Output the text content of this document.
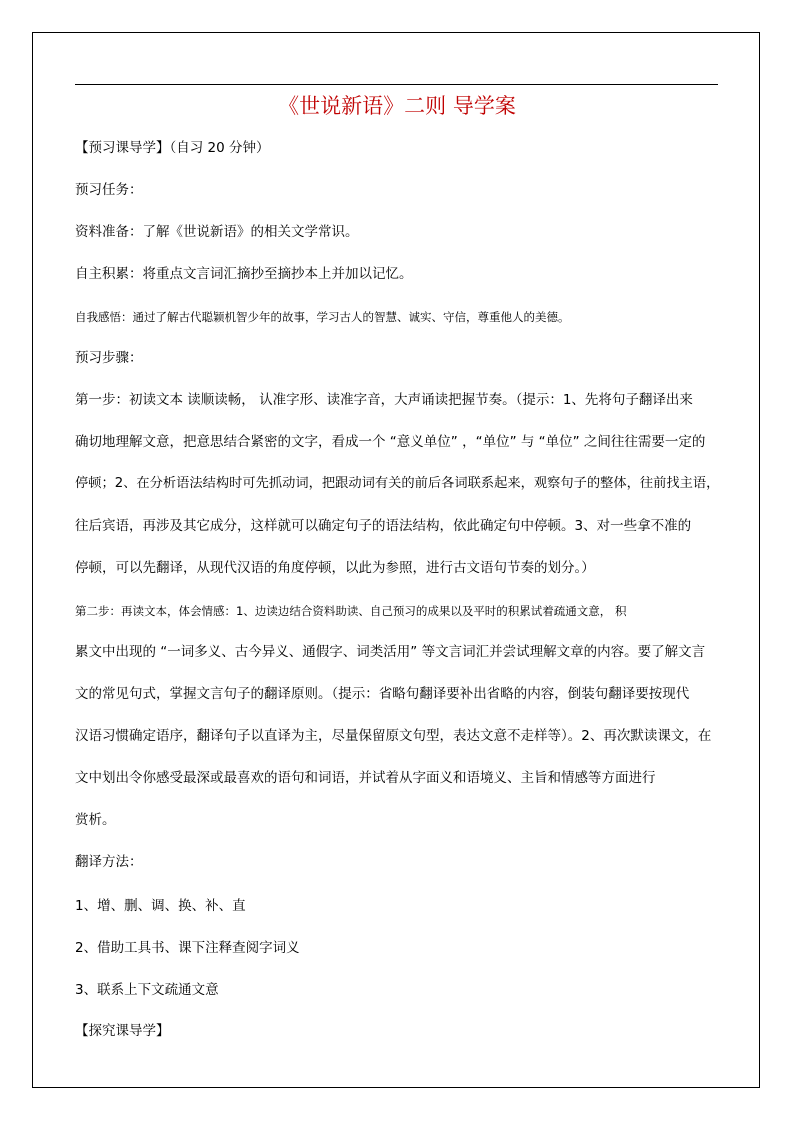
《世说新语》二则 导学案
【预习课导学】（自习 20 分钟）
预习任务：
资料准备：了解《世说新语》的相关文学常识。
自主积累：将重点文言词汇摘抄至摘抄本上并加以记忆。
自我感悟：通过了解古代聪颖机智少年的故事，学习古人的智慧、诚实、守信，尊重他人的美德。
预习步骤：
第一步：初读文本 读顺读畅， 认准字形、读准字音，大声诵读把握节奏。（提示：1、先将句子翻译出来
确切地理解文意，把意思结合紧密的文字，看成一个 “意义单位” ，“单位” 与 “单位” 之间往往需要一定的
停顿；2、在分析语法结构时可先抓动词，把跟动词有关的前后各词联系起来，观察句子的整体，往前找主语，
往后宾语，再涉及其它成分，这样就可以确定句子的语法结构，依此确定句中停顿。3、对一些拿不准的
停顿，可以先翻译，从现代汉语的角度停顿，以此为参照，进行古文语句节奏的划分。）
第二步：再读文本，体会情感：1、边读边结合资料助读、自己预习的成果以及平时的积累试着疏通文意， 积
累文中出现的 “一词多义、古今异义、通假字、词类活用” 等文言词汇并尝试理解文章的内容。要了解文言
文的常见句式，掌握文言句子的翻译原则。（提示：省略句翻译要补出省略的内容，倒装句翻译要按现代
汉语习惯确定语序，翻译句子以直译为主，尽量保留原文句型，表达文意不走样等）。2、再次默读课文，在
文中划出令你感受最深或最喜欢的语句和词语，并试着从字面义和语境义、主旨和情感等方面进行
赏析。
翻译方法：
1、增、删、调、换、补、直
2、借助工具书、课下注释查阅字词义
3、联系上下文疏通文意
【探究课导学】
